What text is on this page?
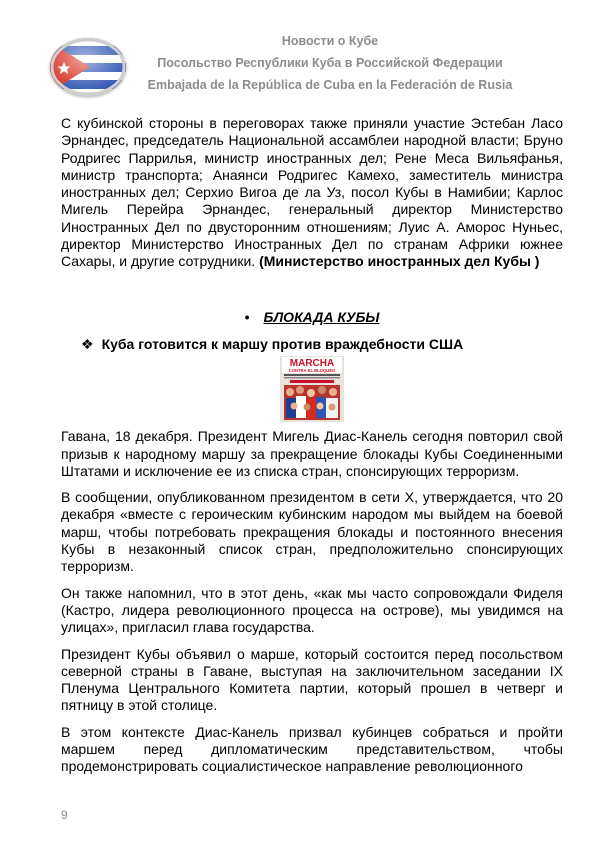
Новости о Кубе
Посольство Республики Куба в Российской Федерации
Embajada de la República de Cuba en la Federación de Rusia

С кубинской стороны в переговорах также приняли участие Эстебан Ласо Эрнандес, председатель Национальной ассамблеи народной власти; Бруно Родригес Паррилья, министр иностранных дел; Рене Меса Вильяфанья, министр транспорта; Анаянси Родригес Камехо, заместитель министра иностранных дел; Серхио Вигоа де ла Уз, посол Кубы в Намибии; Карлос Мигель Перейра Эрнандес, генеральный директор Министерство Иностранных Дел по двусторонним отношениям; Луис А. Аморос Нуньес, директор Министерство Иностранных Дел по странам Африки южнее Сахары, и другие сотрудники. (Министерство иностранных дел Кубы )

• БЛОКАДА КУБЫ
❖ Куба готовится к маршу против враждебности США
MARCHA
CONTRA EL BLOQUEO

Гавана, 18 декабря. Президент Мигель Диас-Канель сегодня повторил свой призыв к народному маршу за прекращение блокады Кубы Соединенными Штатами и исключение ее из списка стран, спонсирующих терроризм.

В сообщении, опубликованном президентом в сети X, утверждается, что 20 декабря «вместе с героическим кубинским народом мы выйдем на боевой марш, чтобы потребовать прекращения блокады и постоянного внесения Кубы в незаконный список стран, предположительно спонсирующих терроризм.

Он также напомнил, что в этот день, «как мы часто сопровождали Фиделя (Кастро, лидера революционного процесса на острове), мы увидимся на улицах», пригласил глава государства.

Президент Кубы объявил о марше, который состоится перед посольством северной страны в Гаване, выступая на заключительном заседании IX Пленума Центрального Комитета партии, который прошел в четверг и пятницу в этой столице.

В этом контексте Диас-Канель призвал кубинцев собраться и пройти маршем перед дипломатическим представительством, чтобы продемонстрировать социалистическое направление революционного

9
